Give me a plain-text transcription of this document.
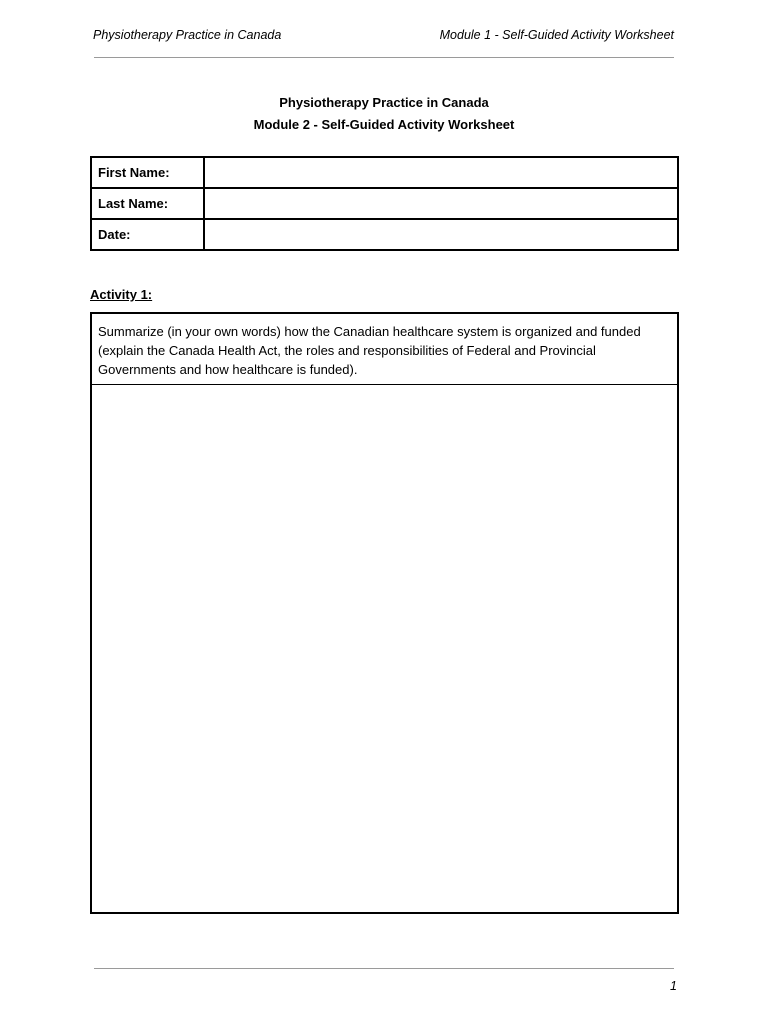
Physiotherapy Practice in Canada	Module 1 - Self-Guided Activity Worksheet
Physiotherapy Practice in Canada
Module 2 - Self-Guided Activity Worksheet
First Name:	
Last Name:	
Date:	
Activity 1:
Summarize (in your own words) how the Canadian healthcare system is organized and funded (explain the Canada Health Act, the roles and responsibilities of Federal and Provincial Governments and how healthcare is funded).
1
